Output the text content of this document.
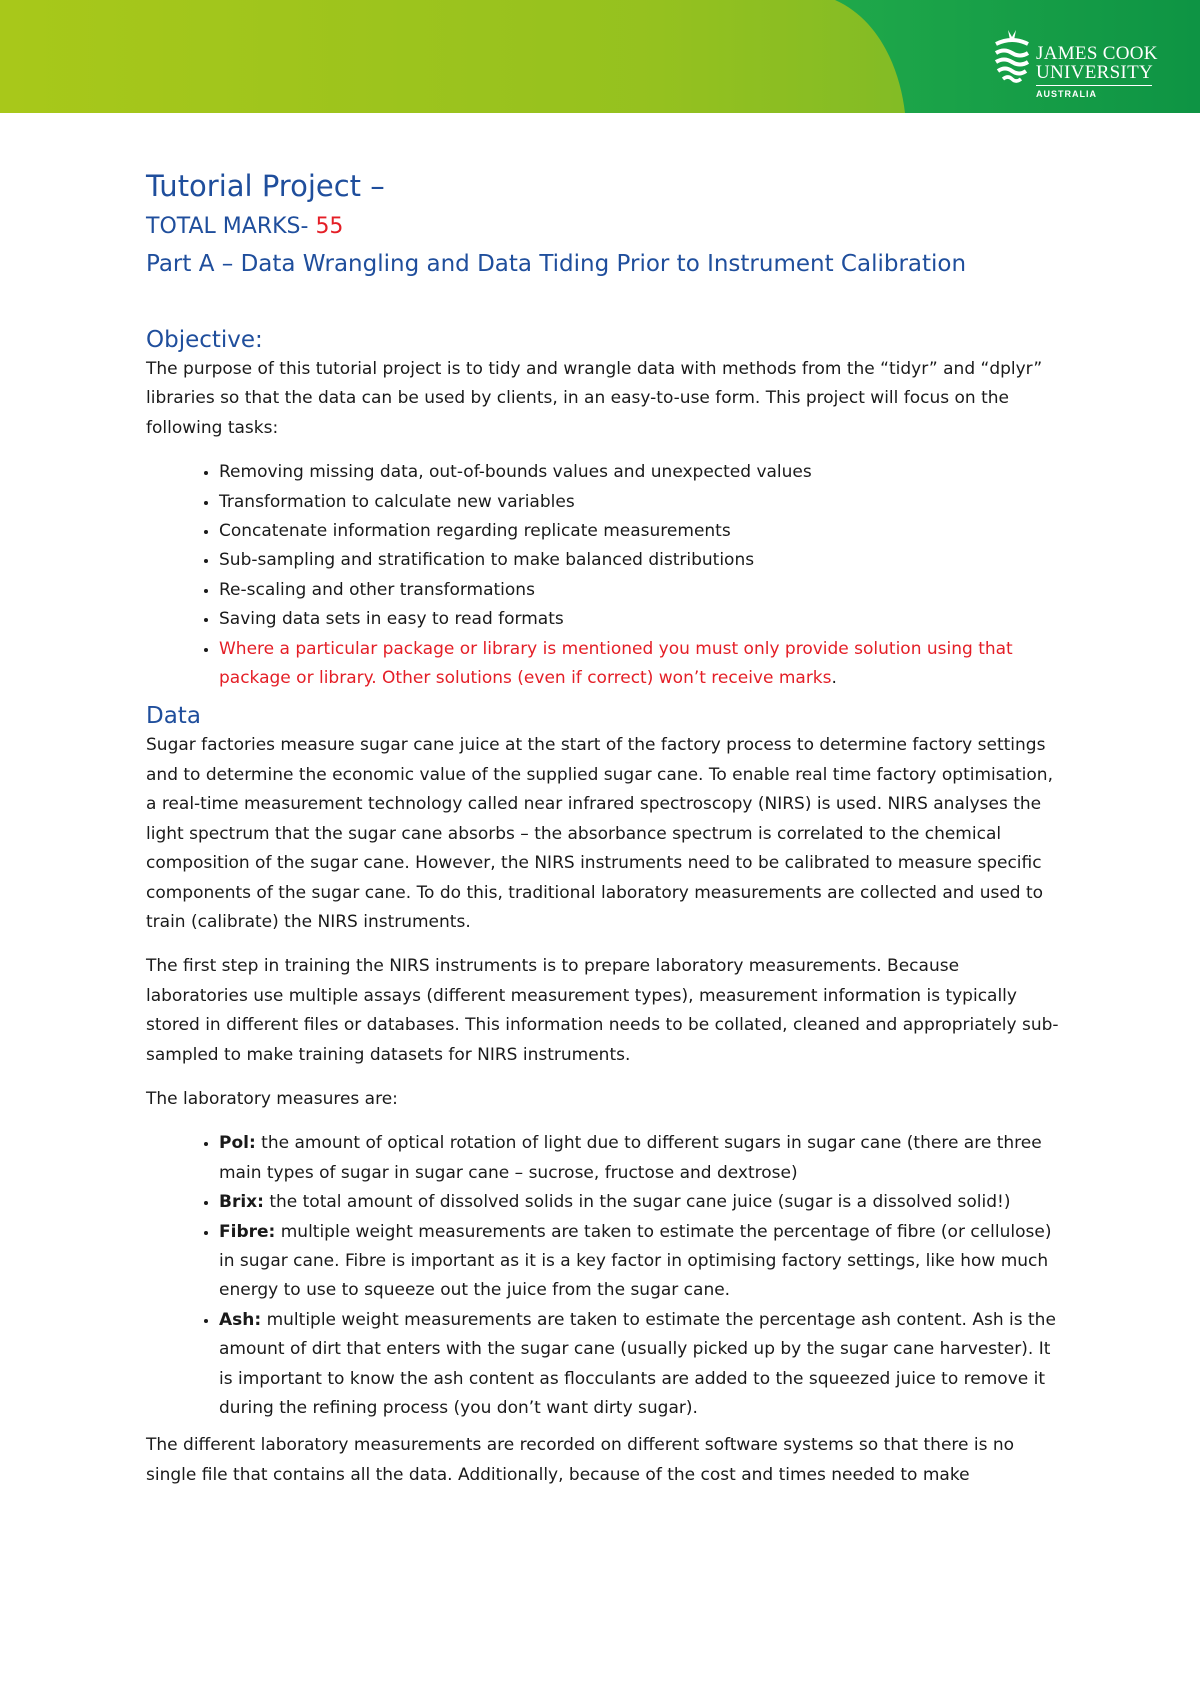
JAMES COOK
UNIVERSITY
AUSTRALIA
Tutorial Project –
TOTAL MARKS- 55
Part A – Data Wrangling and Data Tiding Prior to Instrument Calibration
Objective:

The purpose of this tutorial project is to tidy and wrangle data with methods from the “tidyr” and “dplyr” libraries so that the data can be used by clients, in an easy-to-use form. This project will focus on the following tasks:

• Removing missing data, out-of-bounds values and unexpected values
• Transformation to calculate new variables
• Concatenate information regarding replicate measurements
• Sub-sampling and stratification to make balanced distributions
• Re-scaling and other transformations
• Saving data sets in easy to read formats
• Where a particular package or library is mentioned you must only provide solution using that package or library. Other solutions (even if correct) won’t receive marks.
Data

Sugar factories measure sugar cane juice at the start of the factory process to determine factory settings and to determine the economic value of the supplied sugar cane. To enable real time factory optimisation, a real-time measurement technology called near infrared spectroscopy (NIRS) is used. NIRS analyses the light spectrum that the sugar cane absorbs – the absorbance spectrum is correlated to the chemical composition of the sugar cane. However, the NIRS instruments need to be calibrated to measure specific components of the sugar cane. To do this, traditional laboratory measurements are collected and used to train (calibrate) the NIRS instruments.

The first step in training the NIRS instruments is to prepare laboratory measurements. Because laboratories use multiple assays (different measurement types), measurement information is typically stored in different files or databases. This information needs to be collated, cleaned and appropriately sub-sampled to make training datasets for NIRS instruments.

The laboratory measures are:

• Pol: the amount of optical rotation of light due to different sugars in sugar cane (there are three main types of sugar in sugar cane – sucrose, fructose and dextrose)
• Brix: the total amount of dissolved solids in the sugar cane juice (sugar is a dissolved solid!)
• Fibre: multiple weight measurements are taken to estimate the percentage of fibre (or cellulose) in sugar cane. Fibre is important as it is a key factor in optimising factory settings, like how much energy to use to squeeze out the juice from the sugar cane.
• Ash: multiple weight measurements are taken to estimate the percentage ash content. Ash is the amount of dirt that enters with the sugar cane (usually picked up by the sugar cane harvester). It is important to know the ash content as flocculants are added to the squeezed juice to remove it during the refining process (you don’t want dirty sugar).

The different laboratory measurements are recorded on different software systems so that there is no single file that contains all the data. Additionally, because of the cost and times needed to make
